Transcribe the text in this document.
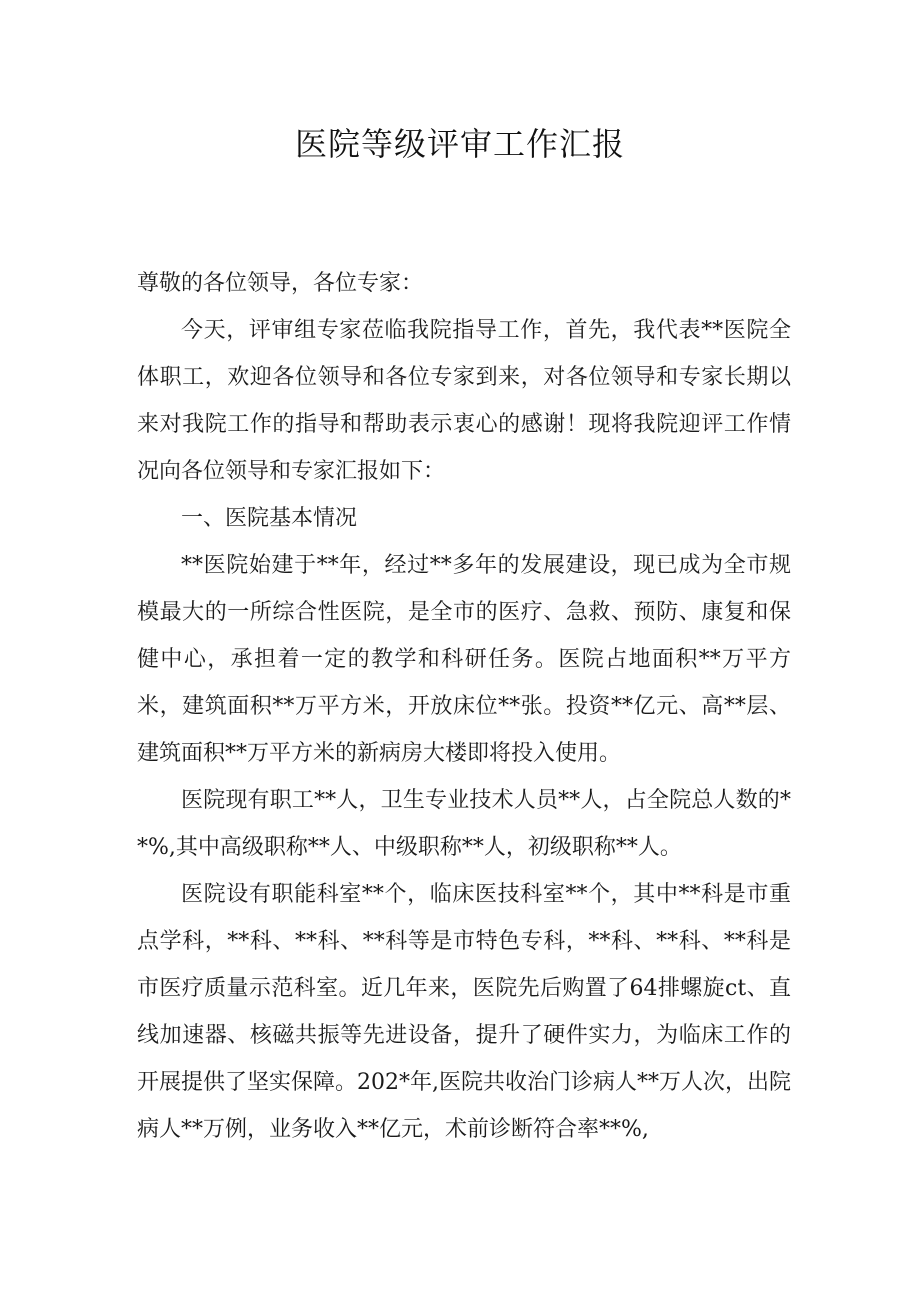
医院等级评审工作汇报

尊敬的各位领导，各位专家：

今天，评审组专家莅临我院指导工作，首先，我代表**医院全体职工，欢迎各位领导和各位专家到来，对各位领导和专家长期以来对我院工作的指导和帮助表示衷心的感谢！现将我院迎评工作情况向各位领导和专家汇报如下：

一、医院基本情况

**医院始建于**年，经过**多年的发展建设，现已成为全市规模最大的一所综合性医院，是全市的医疗、急救、预防、康复和保健中心，承担着一定的教学和科研任务。医院占地面积**万平方米，建筑面积**万平方米，开放床位**张。投资**亿元、高**层、建筑面积**万平方米的新病房大楼即将投入使用。

医院现有职工**人，卫生专业技术人员**人，占全院总人数的**%,其中高级职称**人、中级职称**人，初级职称**人。

医院设有职能科室**个，临床医技科室**个，其中**科是市重点学科，**科、**科、**科等是市特色专科，**科、**科、**科是市医疗质量示范科室。近几年来，医院先后购置了64排螺旋ct、直线加速器、核磁共振等先进设备，提升了硬件实力，为临床工作的开展提供了坚实保障。202*年,医院共收治门诊病人**万人次，出院病人**万例，业务收入**亿元，术前诊断符合率**%,
